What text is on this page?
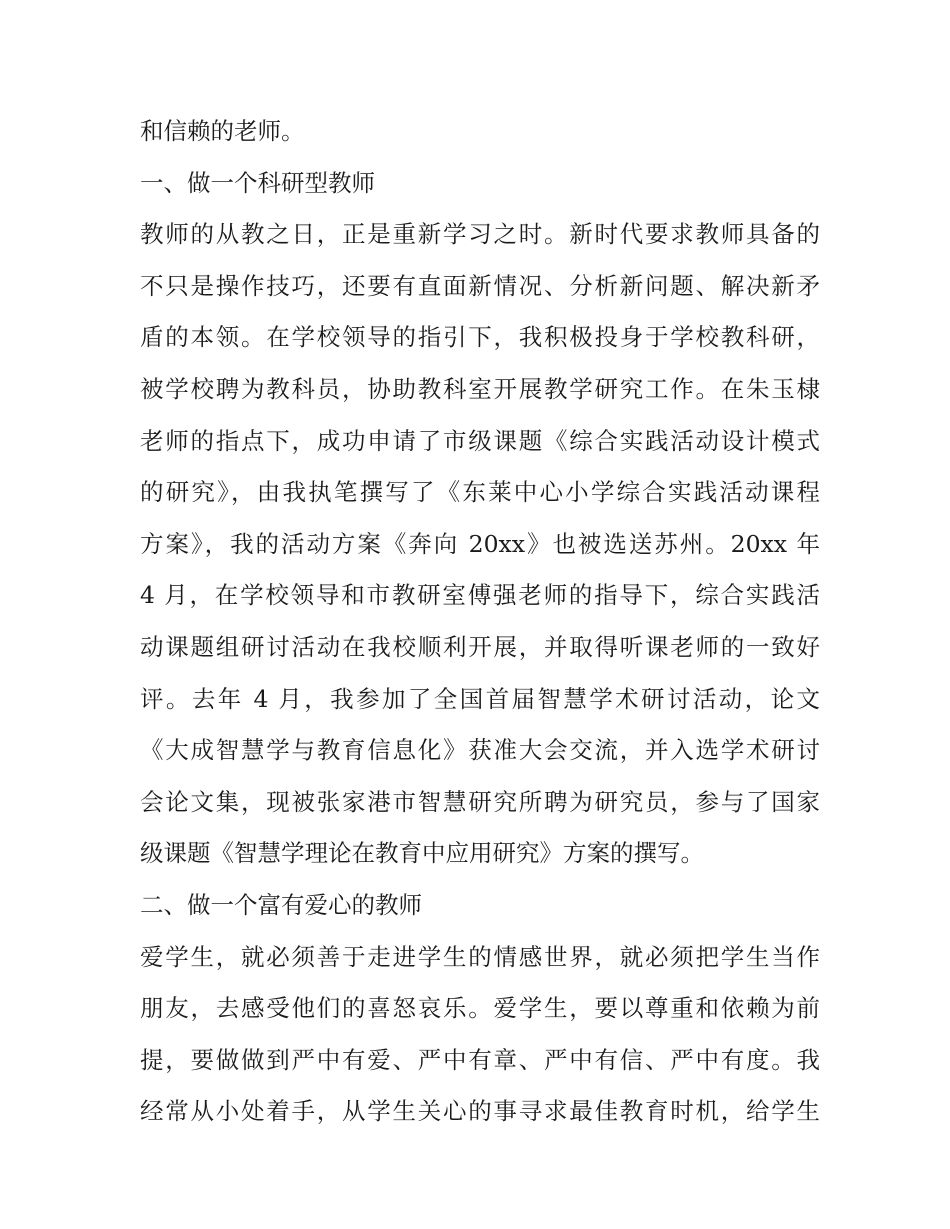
和信赖的老师。
一、做一个科研型教师
教师的从教之日，正是重新学习之时。新时代要求教师具备的
不只是操作技巧，还要有直面新情况、分析新问题、解决新矛
盾的本领。在学校领导的指引下，我积极投身于学校教科研，
被学校聘为教科员，协助教科室开展教学研究工作。在朱玉棣
老师的指点下，成功申请了市级课题《综合实践活动设计模式
的研究》，由我执笔撰写了《东莱中心小学综合实践活动课程
方案》，我的活动方案《奔向 20xx》也被选送苏州。20xx 年
4 月，在学校领导和市教研室傅强老师的指导下，综合实践活
动课题组研讨活动在我校顺利开展，并取得听课老师的一致好
评。去年 4 月，我参加了全国首届智慧学术研讨活动，论文
《大成智慧学与教育信息化》获准大会交流，并入选学术研讨
会论文集，现被张家港市智慧研究所聘为研究员，参与了国家
级课题《智慧学理论在教育中应用研究》方案的撰写。
二、做一个富有爱心的教师
爱学生，就必须善于走进学生的情感世界，就必须把学生当作
朋友，去感受他们的喜怒哀乐。爱学生，要以尊重和依赖为前
提，要做做到严中有爱、严中有章、严中有信、严中有度。我
经常从小处着手，从学生关心的事寻求最佳教育时机，给学生
